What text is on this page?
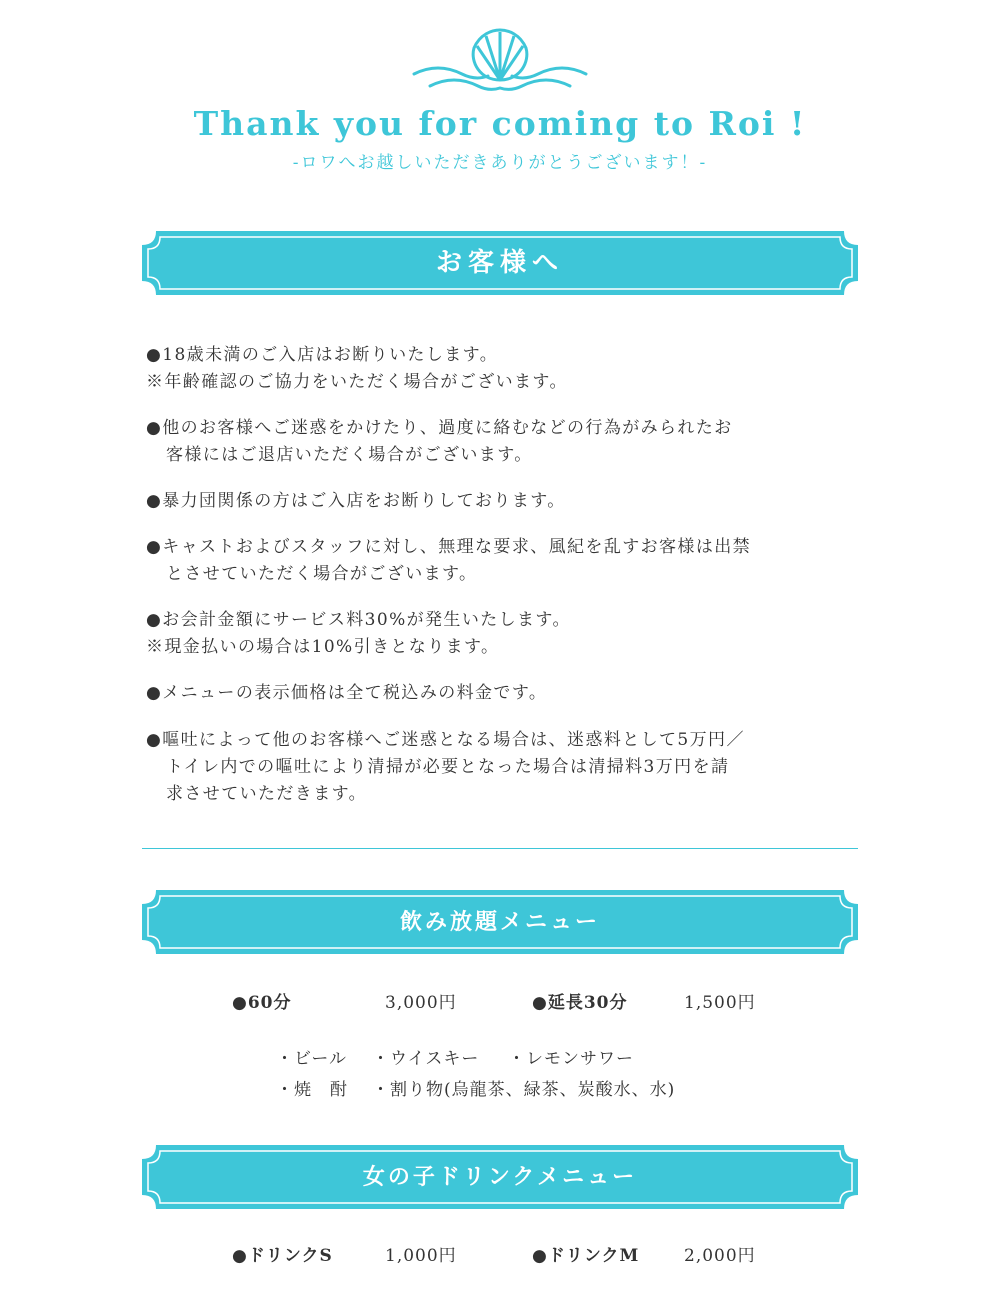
Thank you for coming to Roi !
-ロワへお越しいただきありがとうございます！-
お客様へ
●18歳未満のご入店はお断りいたします。
※年齢確認のご協力をいただく場合がございます。
●他のお客様へご迷惑をかけたり、過度に絡むなどの行為がみられたお
客様にはご退店いただく場合がございます。
●暴力団関係の方はご入店をお断りしております。
●キャストおよびスタッフに対し、無理な要求、風紀を乱すお客様は出禁
とさせていただく場合がございます。
●お会計金額にサービス料30%が発生いたします。
※現金払いの場合は10%引きとなります。
●メニューの表示価格は全て税込みの料金です。
●嘔吐によって他のお客様へご迷惑となる場合は、迷惑料として5万円／
トイレ内での嘔吐により清掃が必要となった場合は清掃料3万円を請
求させていただきます。
飲み放題メニュー
●60分	3,000円	●延長30分	1,500円
・ビール ・ウイスキー ・レモンサワー
・焼　酎 ・割り物(烏龍茶、緑茶、炭酸水、水)
女の子ドリンクメニュー
●ドリンクS	1,000円	●ドリンクM	2,000円
